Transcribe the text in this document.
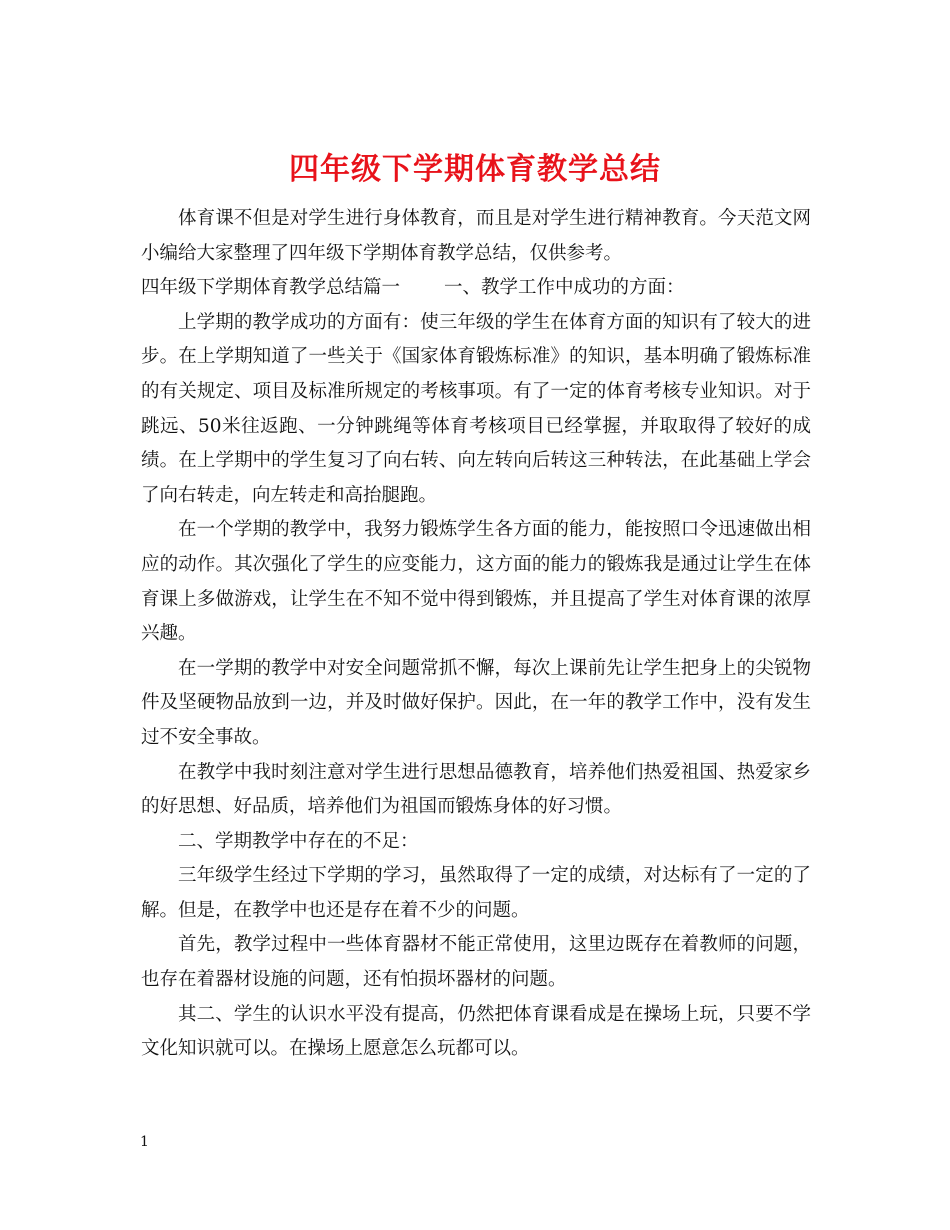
四年级下学期体育教学总结

体育课不但是对学生进行身体教育，而且是对学生进行精神教育。今天范文网小编给大家整理了四年级下学期体育教学总结，仅供参考。

四年级下学期体育教学总结篇一 一、教学工作中成功的方面：

上学期的教学成功的方面有：使三年级的学生在体育方面的知识有了较大的进步。在上学期知道了一些关于《国家体育锻炼标准》的知识，基本明确了锻炼标准的有关规定、项目及标准所规定的考核事项。有了一定的体育考核专业知识。对于跳远、50米往返跑、一分钟跳绳等体育考核项目已经掌握，并取取得了较好的成绩。在上学期中的学生复习了向右转、向左转向后转这三种转法，在此基础上学会了向右转走，向左转走和高抬腿跑。

在一个学期的教学中，我努力锻炼学生各方面的能力，能按照口令迅速做出相应的动作。其次强化了学生的应变能力，这方面的能力的锻炼我是通过让学生在体育课上多做游戏，让学生在不知不觉中得到锻炼，并且提高了学生对体育课的浓厚兴趣。

在一学期的教学中对安全问题常抓不懈，每次上课前先让学生把身上的尖锐物件及坚硬物品放到一边，并及时做好保护。因此，在一年的教学工作中，没有发生过不安全事故。

在教学中我时刻注意对学生进行思想品德教育，培养他们热爱祖国、热爱家乡的好思想、好品质，培养他们为祖国而锻炼身体的好习惯。

二、学期教学中存在的不足：

三年级学生经过下学期的学习，虽然取得了一定的成绩，对达标有了一定的了解。但是，在教学中也还是存在着不少的问题。

首先，教学过程中一些体育器材不能正常使用，这里边既存在着教师的问题，也存在着器材设施的问题，还有怕损坏器材的问题。

其二、学生的认识水平没有提高，仍然把体育课看成是在操场上玩，只要不学文化知识就可以。在操场上愿意怎么玩都可以。

1
